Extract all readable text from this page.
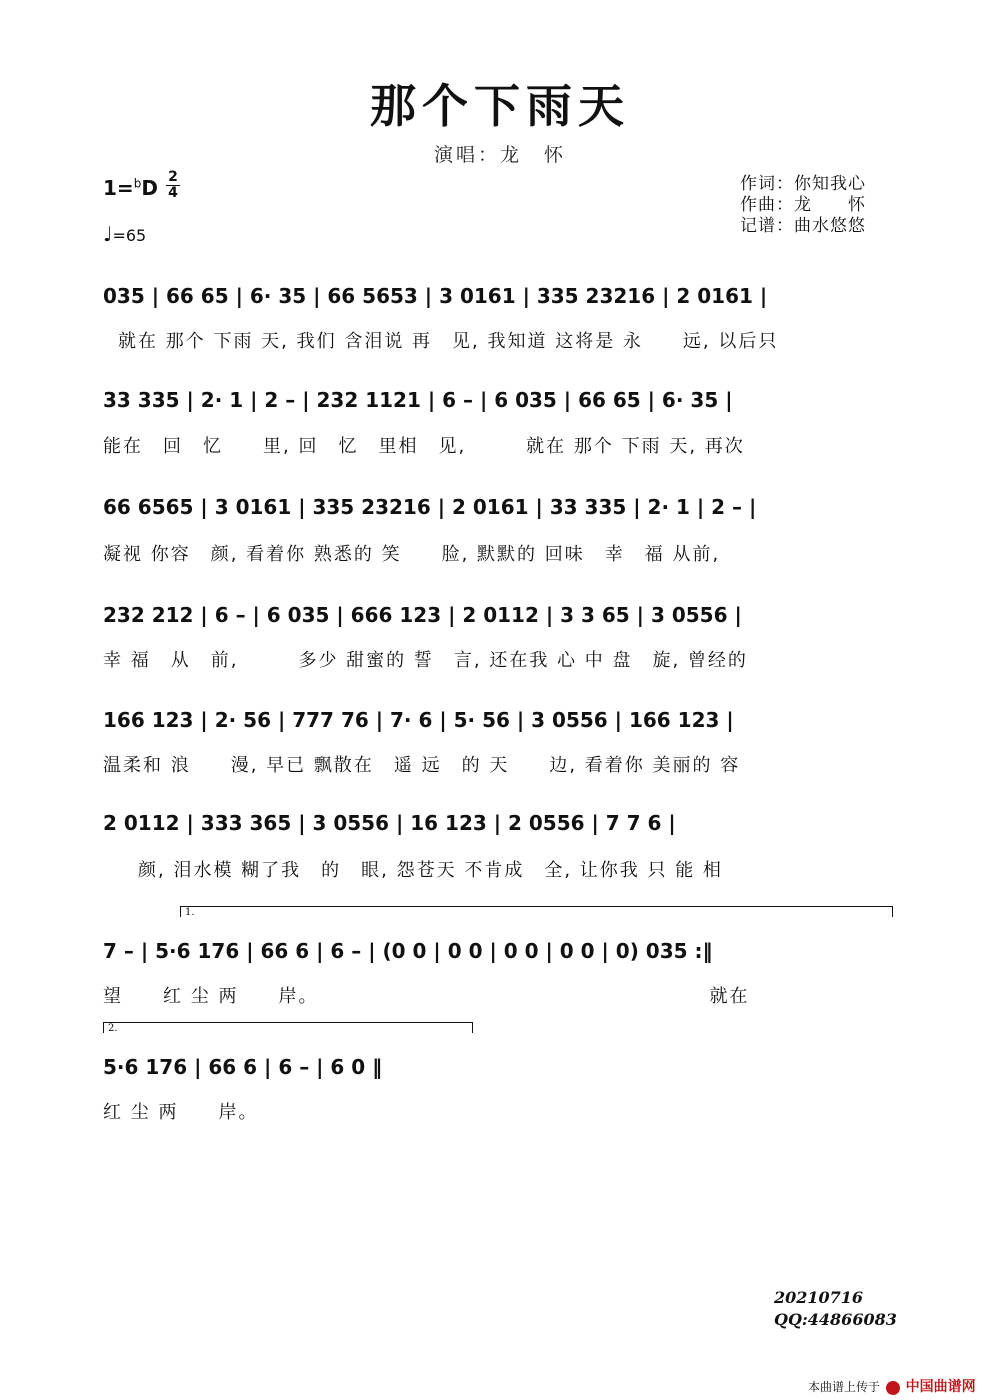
那个下雨天
演唱：龙　怀
1=$^b$D 2
4
♩=65
作词：你知我心
作曲：龙　　怀
记谱：曲水悠悠
035 | 66 65 | 6· 35 | 66 5653 | 3 0161 | 335 23216 | 2 0161 |
就在 那个 下雨 天, 我们 含泪说 再　见, 我知道 这将是 永　　远, 以后只
33 335 | 2· 1 | 2 – | 232 1121 | 6 – | 6 035 | 66 65 | 6· 35 |
能在　回　忆　　里, 回　忆　里相　见,　　　就在 那个 下雨 天, 再次
66 6565 | 3 0161 | 335 23216 | 2 0161 | 33 335 | 2· 1 | 2 – |
凝视 你容　颜, 看着你 熟悉的 笑　　脸, 默默的 回味　幸　福 从前,
232 212 | 6 – | 6 035 | 666 123 | 2 0112 | 3 3 65 | 3 0556 |
幸 福　从　前,　　　多少 甜蜜的 誓　言, 还在我 心 中 盘　旋, 曾经的
166 123 | 2· 56 | 777 76 | 7· 6 | 5· 56 | 3 0556 | 166 123 |
温柔和 浪　　漫, 早已 飘散在　遥 远　的 天　　边, 看着你 美丽的 容
2 0112 | 333 365 | 3 0556 | 16 123 | 2 0556 | 7 7 6 |
　颜, 泪水模 糊了我　的　眼, 怨苍天 不肯成　全, 让你我 只 能 相
1.
7 – | 5·6 176 | 66 6 | 6 – | (0 0 | 0 0 | 0 0 | 0 0 | 0) 035 :‖
望　　红 尘 两　　岸。　　　　　　　　　　　　　　　　　　　　就在
2.
5·6 176 | 66 6 | 6 – | 6 0 ‖
红 尘 两　　岸。
20210716
QQ:44866083
本曲谱上传于 中国曲谱网
